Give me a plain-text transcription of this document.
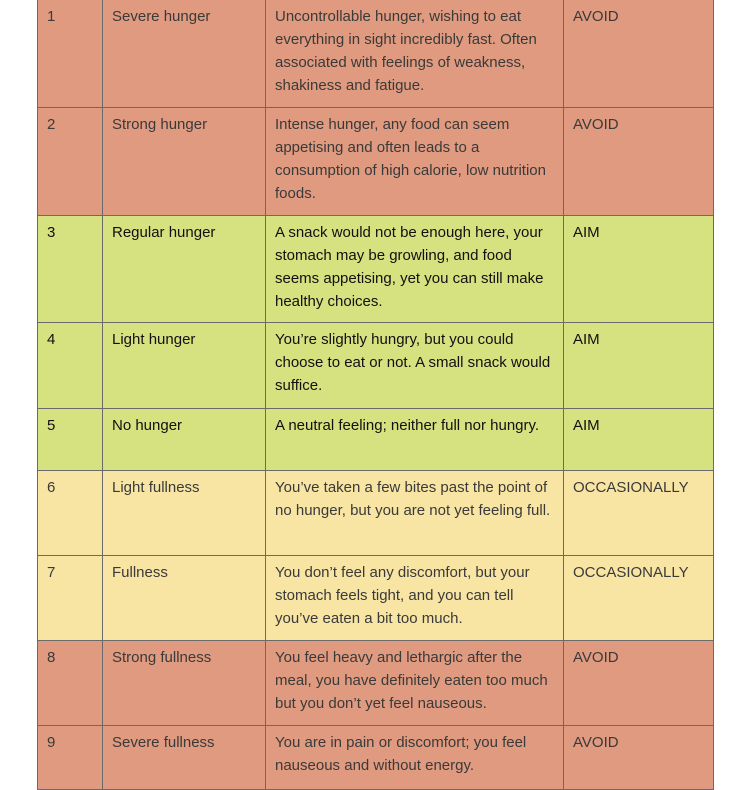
1	Severe hunger	Uncontrollable hunger, wishing to eat everything in sight incredibly fast. Often associated with feelings of weakness, shakiness and fatigue.	AVOID
2	Strong hunger	Intense hunger, any food can seem appetising and often leads to a consumption of high calorie, low nutrition foods.	AVOID
3	Regular hunger	A snack would not be enough here, your stomach may be growling, and food seems appetising, yet you can still make healthy choices.	AIM
4	Light hunger	You’re slightly hungry, but you could choose to eat or not. A small snack would suffice.	AIM
5	No hunger	A neutral feeling; neither full nor hungry.	AIM
6	Light fullness	You’ve taken a few bites past the point of no hunger, but you are not yet feeling full.	OCCASIONALLY
7	Fullness	You don’t feel any discomfort, but your stomach feels tight, and you can tell you’ve eaten a bit too much.	OCCASIONALLY
8	Strong fullness	You feel heavy and lethargic after the meal, you have definitely eaten too much but you don’t yet feel nauseous.	AVOID
9	Severe fullness	You are in pain or discomfort; you feel nauseous and without energy.	AVOID
